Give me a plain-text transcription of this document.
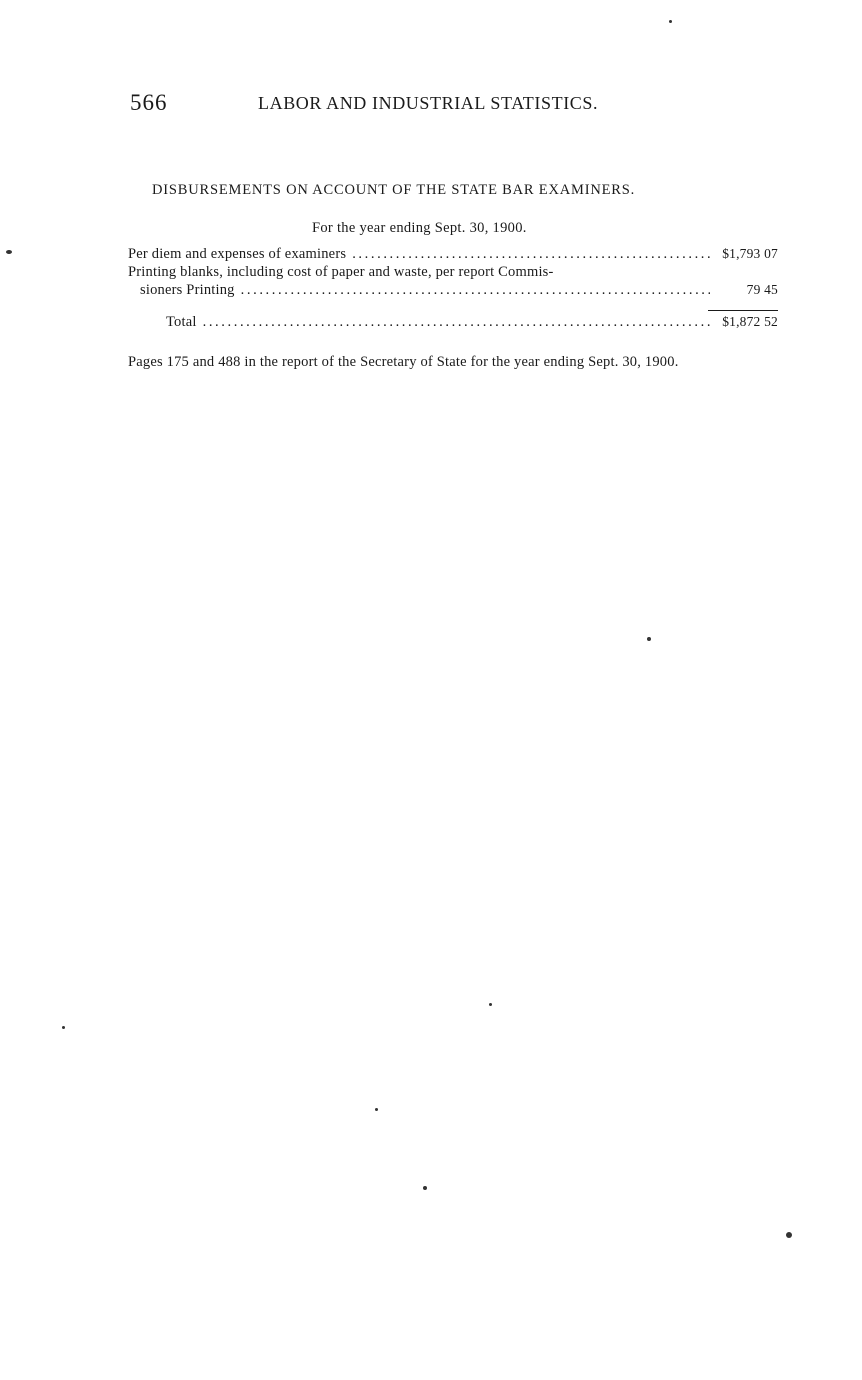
566	LABOR AND INDUSTRIAL STATISTICS.
DISBURSEMENTS ON ACCOUNT OF THE STATE BAR EXAMINERS.
For the year ending Sept. 30, 1900.
Per diem and expenses of examiners .....	$1,793 07
Printing blanks, including cost of paper and waste, per report Commis-
sioners Printing .....	79 45
Total .....	$1,872 52
Pages 175 and 488 in the report of the Secretary of State for the year ending Sept. 30, 1900.
